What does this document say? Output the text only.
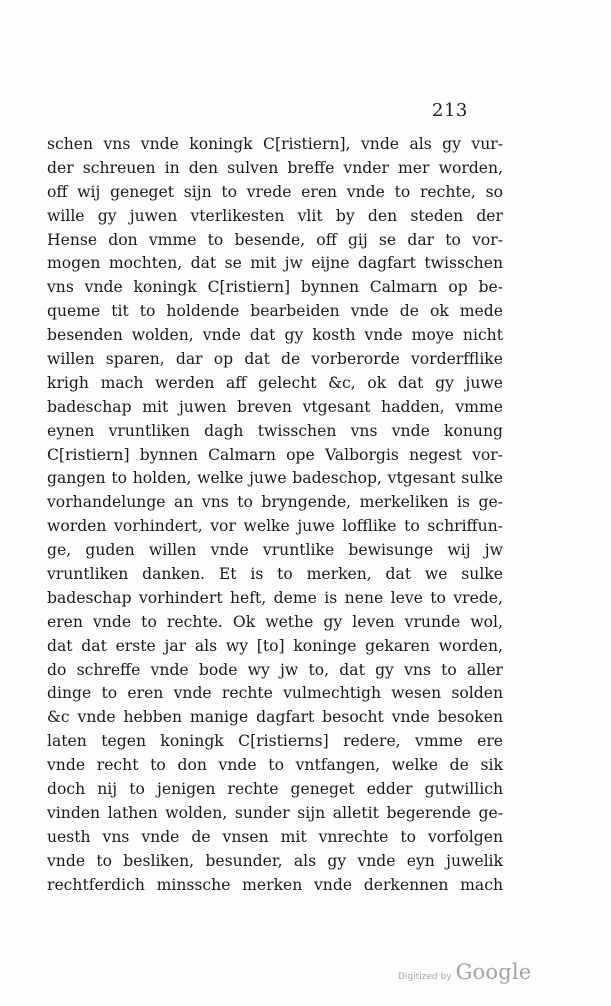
213
schen vns vnde koningk C[ristiern], vnde als gy vur-
der schreuen in den sulven breffe vnder mer worden,
off wij geneget sijn to vrede eren vnde to rechte, so
wille gy juwen vterlikesten vlit by den steden der
Hense don vmme to besende, off gij se dar to vor-
mogen mochten, dat se mit jw eijne dagfart twisschen
vns vnde koningk C[ristiern] bynnen Calmarn op be-
queme tit to holdende bearbeiden vnde de ok mede
besenden wolden, vnde dat gy kosth vnde moye nicht
willen sparen, dar op dat de vorberorde vorderfflike
krigh mach werden aff gelecht &c, ok dat gy juwe
badeschap mit juwen breven vtgesant hadden, vmme
eynen vruntliken dagh twisschen vns vnde konung
C[ristiern] bynnen Calmarn ope Valborgis negest vor-
gangen to holden, welke juwe badeschop, vtgesant sulke
vorhandelunge an vns to bryngende, merkeliken is ge-
worden vorhindert, vor welke juwe lofflike to schriffun-
ge, guden willen vnde vruntlike bewisunge wij jw
vruntliken danken. Et is to merken, dat we sulke
badeschap vorhindert heft, deme is nene leve to vrede,
eren vnde to rechte. Ok wethe gy leven vrunde wol,
dat dat erste jar als wy [to] koninge gekaren worden,
do schreffe vnde bode wy jw to, dat gy vns to aller
dinge to eren vnde rechte vulmechtigh wesen solden
&c vnde hebben manige dagfart besocht vnde besoken
laten tegen koningk C[ristierns] redere, vmme ere
vnde recht to don vnde to vntfangen, welke de sik
doch nij to jenigen rechte geneget edder gutwillich
vinden lathen wolden, sunder sijn alletit begerende ge-
uesth vns vnde de vnsen mit vnrechte to vorfolgen
vnde to besliken, besunder, als gy vnde eyn juwelik
rechtferdich minssche merken vnde derkennen mach
Digitized by Google
